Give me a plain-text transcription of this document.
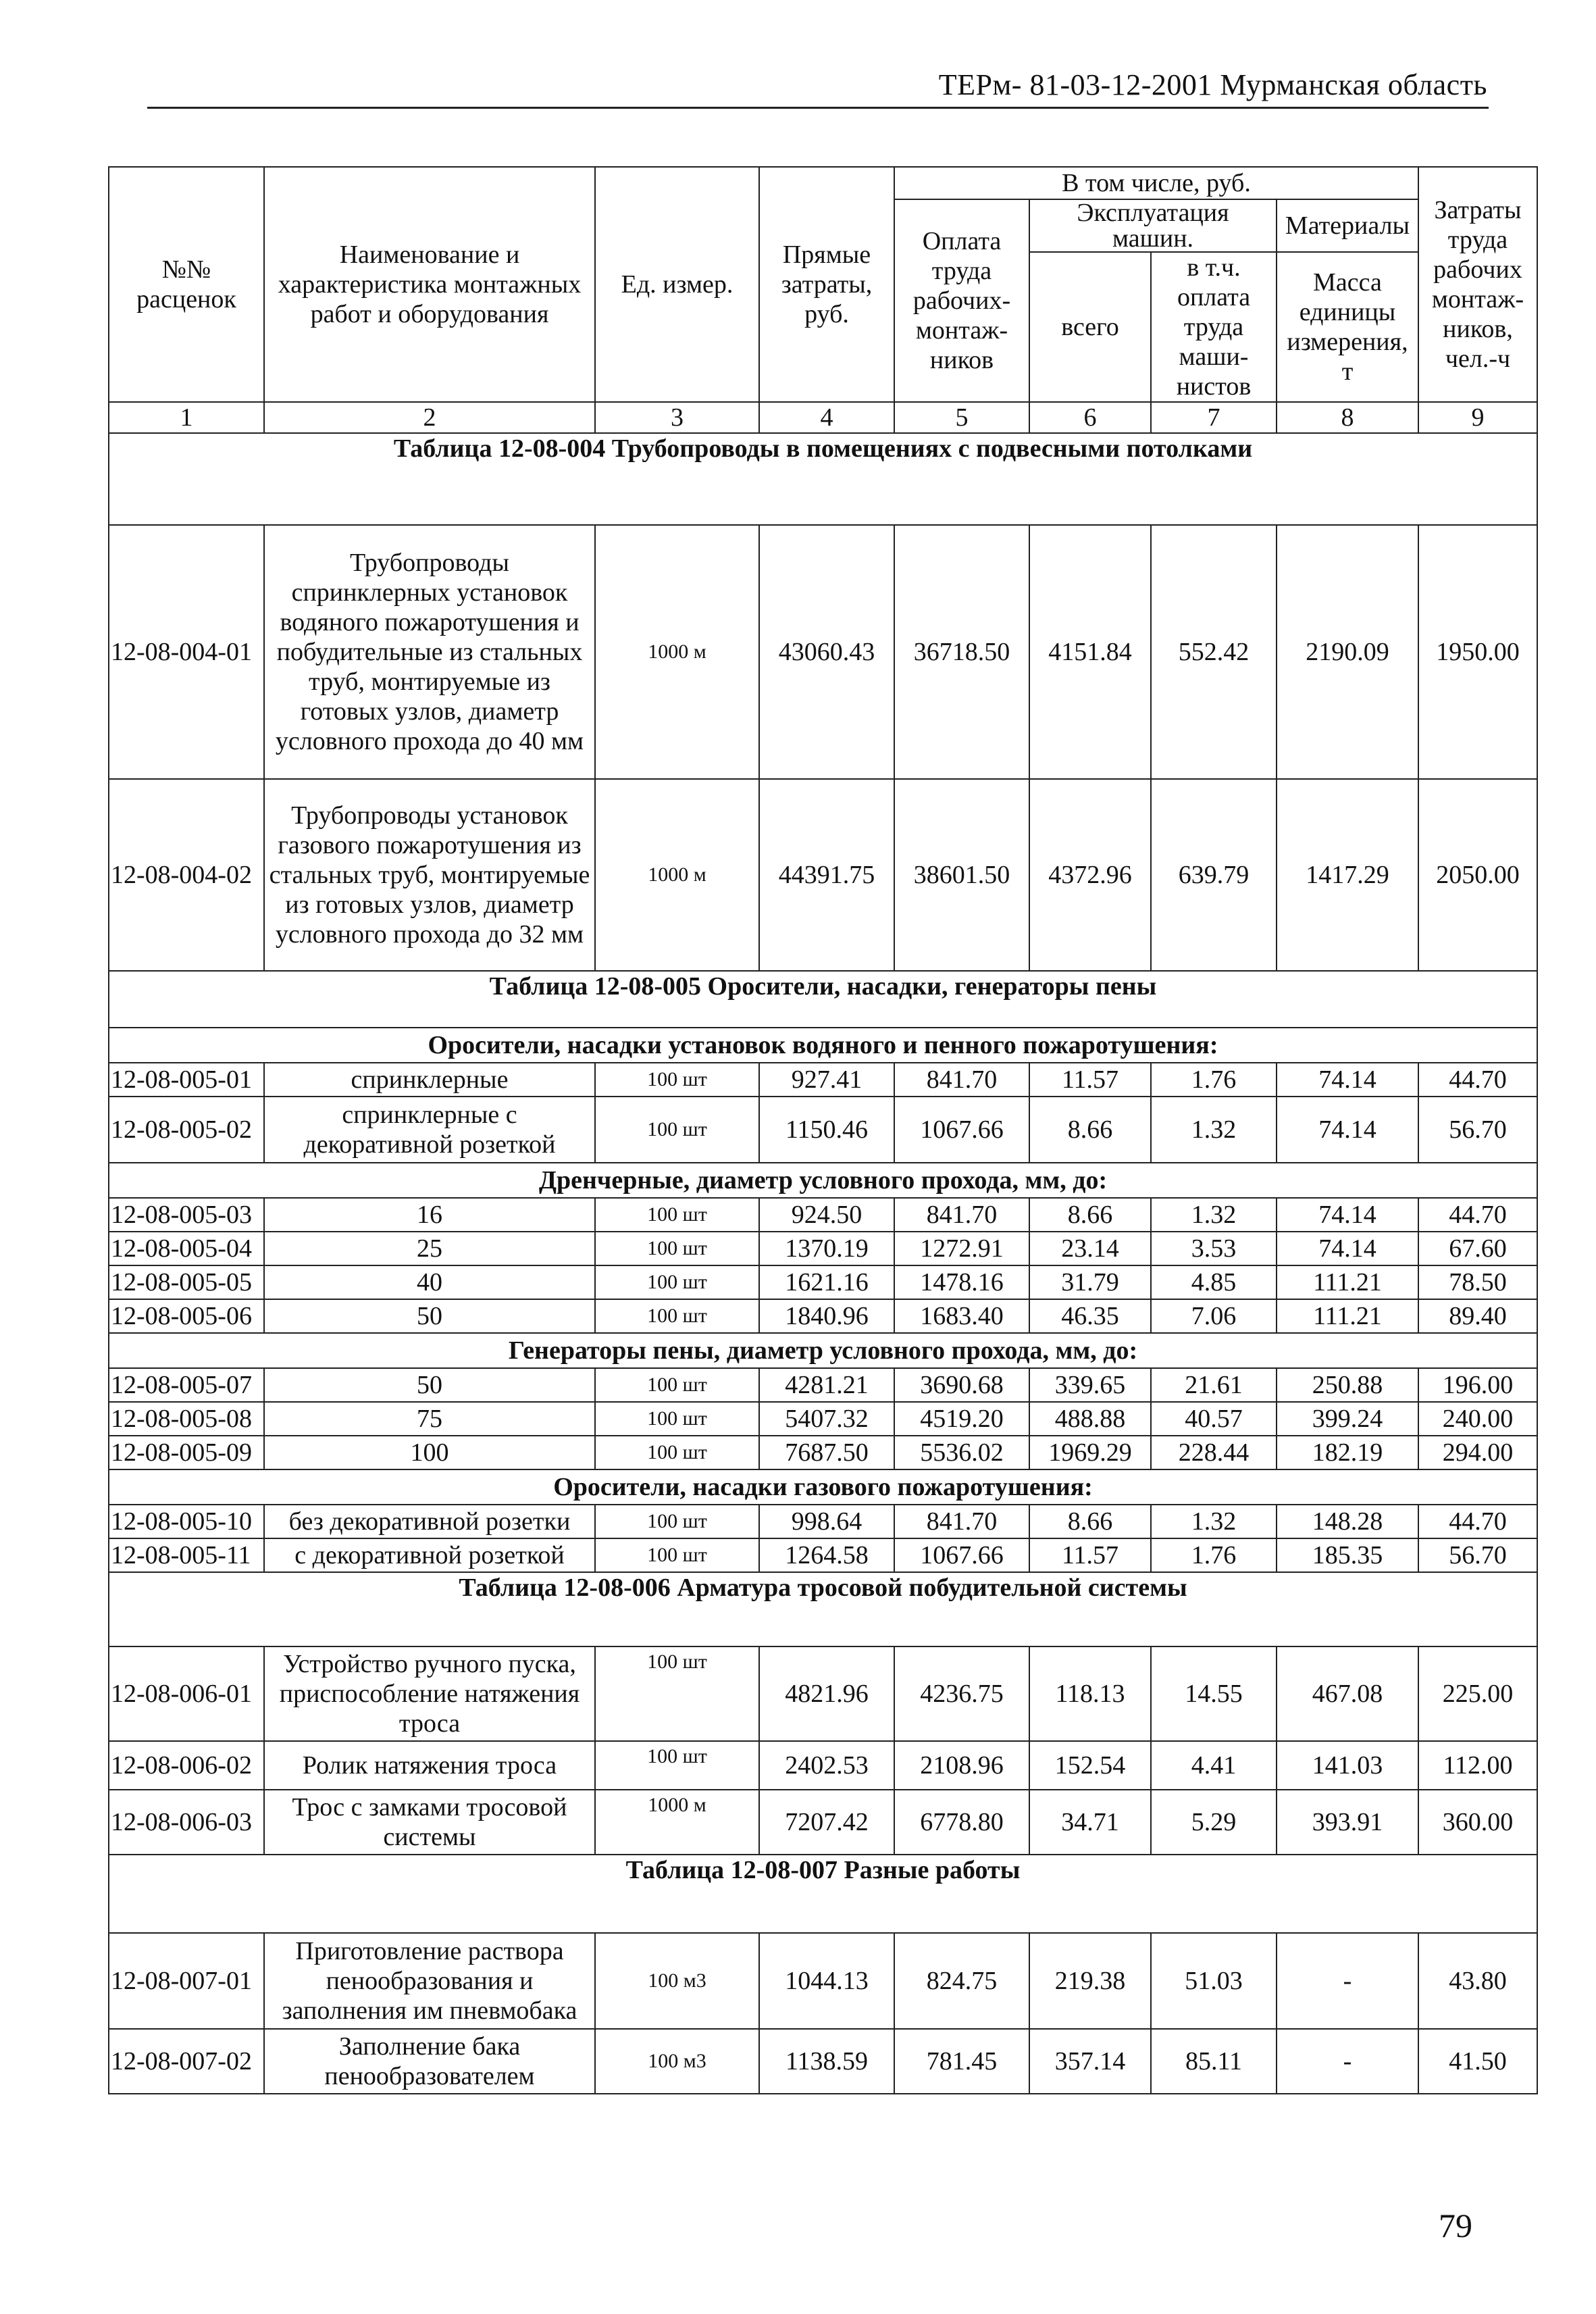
ТЕРм- 81-03-12-2001 Мурманская область
№№ расценок	Наименование и характеристика монтажных работ и оборудования	Ед. измер.	Прямые затраты, руб.	В том числе, руб.				Затраты труда рабочих монтаж-ников, чел.-ч
				Оплата труда рабочих-монтаж-ников	Эксплуатация машин.		Материалы	
					всего	в т.ч. оплата труда маши-нистов	Масса единицы измерения, т	
1	2	3	4	5	6	7	8	9
Таблица 12-08-004 Трубопроводы в помещениях с подвесными потолками								

12-08-004-01	Трубопроводы спринклерных установок водяного пожаротушения и побудительные из стальных труб, монтируемые из готовых узлов, диаметр условного прохода до 40 мм	1000 м	43060.43	36718.50	4151.84	552.42	2190.09	1950.00
12-08-004-02	Трубопроводы установок газового пожаротушения из стальных труб, монтируемые из готовых узлов, диаметр условного прохода до 32 мм	1000 м	44391.75	38601.50	4372.96	639.79	1417.29	2050.00
Таблица 12-08-005 Оросители, насадки, генераторы пены								

Оросители, насадки установок водяного и пенного пожаротушения:								
12-08-005-01	спринклерные	100 шт	927.41	841.70	11.57	1.76	74.14	44.70
12-08-005-02	спринклерные с декоративной розеткой	100 шт	1150.46	1067.66	8.66	1.32	74.14	56.70
Дренчерные, диаметр условного прохода, мм, до:								
12-08-005-03	16	100 шт	924.50	841.70	8.66	1.32	74.14	44.70
12-08-005-04	25	100 шт	1370.19	1272.91	23.14	3.53	74.14	67.60
12-08-005-05	40	100 шт	1621.16	1478.16	31.79	4.85	111.21	78.50
12-08-005-06	50	100 шт	1840.96	1683.40	46.35	7.06	111.21	89.40
Генераторы пены, диаметр условного прохода, мм, до:								
12-08-005-07	50	100 шт	4281.21	3690.68	339.65	21.61	250.88	196.00
12-08-005-08	75	100 шт	5407.32	4519.20	488.88	40.57	399.24	240.00
12-08-005-09	100	100 шт	7687.50	5536.02	1969.29	228.44	182.19	294.00
Оросители, насадки газового пожаротушения:								
12-08-005-10	без декоративной розетки	100 шт	998.64	841.70	8.66	1.32	148.28	44.70
12-08-005-11	с декоративной розеткой	100 шт	1264.58	1067.66	11.57	1.76	185.35	56.70
Таблица 12-08-006 Арматура тросовой побудительной системы								

12-08-006-01	Устройство ручного пуска, приспособление натяжения троса	100 шт	4821.96	4236.75	118.13	14.55	467.08	225.00
12-08-006-02	Ролик натяжения троса	100 шт	2402.53	2108.96	152.54	4.41	141.03	112.00
12-08-006-03	Трос с замками тросовой системы	1000 м	7207.42	6778.80	34.71	5.29	393.91	360.00
Таблица 12-08-007 Разные работы								

12-08-007-01	Приготовление раствора пенообразования и заполнения им пневмобака	100 м3	1044.13	824.75	219.38	51.03	-	43.80
12-08-007-02	Заполнение бака пенообразователем	100 м3	1138.59	781.45	357.14	85.11	-	41.50
79
